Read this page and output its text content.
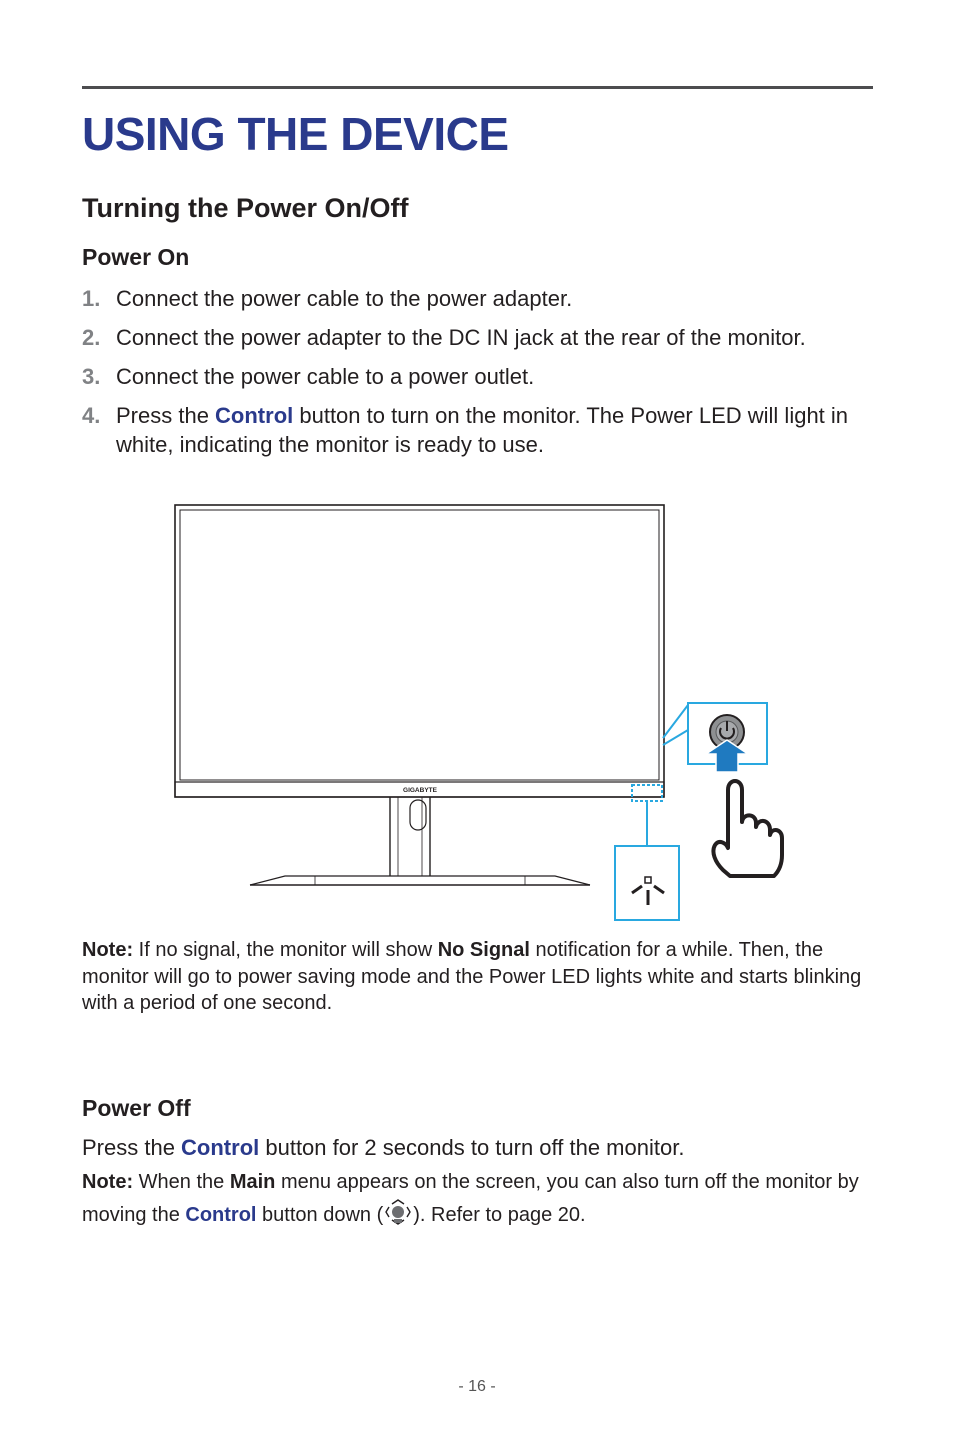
USING THE DEVICE
Turning the Power On/Off
Power On
1. Connect the power cable to the power adapter.
2. Connect the power adapter to the DC IN jack at the rear of the monitor.
3. Connect the power cable to a power outlet.
4. Press the Control button to turn on the monitor. The Power LED will light in white, indicating the monitor is ready to use.
GIGABYTE

Note: If no signal, the monitor will show No Signal notification for a while. Then, the monitor will go to power saving mode and the Power LED lights white and starts blinking with a period of one second.

Power Off

Press the Control button for 2 seconds to turn off the monitor.

Note: When the Main menu appears on the screen, you can also turn off the monitor by moving the Control button down ( ). Refer to page 20.

- 16 -
